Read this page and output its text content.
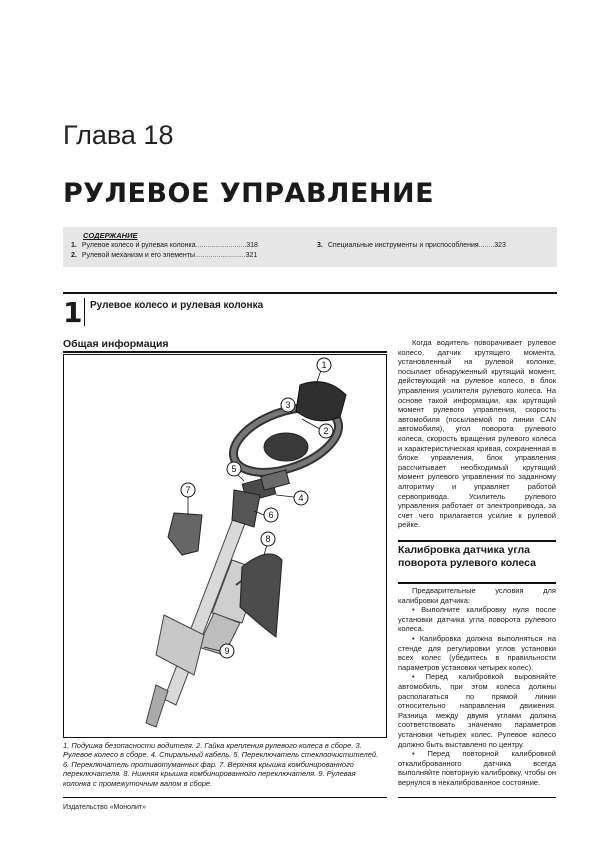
Глава 18
РУЛЕВОЕ УПРАВЛЕНИЕ
СОДЕРЖАНИЕ
1. Рулевое колесо и рулевая колонка..........................318
2. Рулевой механизм и его элементы..........................321
3. Специальные инструменты и приспособления........323
1 Рулевое колесо и рулевая колонка
Общая информация
1
2
3
4
5
6
7
8
9
1. Подушка безопасности водителя. 2. Гайка крепления рулевого колеса в сборе. 3. Рулевое колесо в сборе. 4. Спиральный кабель. 5. Переключатель стеклоочистителей. 6. Переключатель противотуманных фар. 7. Верхняя крышка комбинированного переключателя. 8. Нижняя крышка комбинированного переключателя. 9. Рулевая колонка с промежуточным валом в сборе.

Когда водитель поворачивает рулевое колесо, датчик крутящего момента, установленный на рулевой колонке, посылает обнаруженный крутящий момент, действующий на рулевое колесо, в блок управления усилителя рулевого колеса. На основе такой информации, как крутящий момент рулевого управления, скорость автомобиля (посылаемой по линии CAN автомобиля), угол поворота рулевого колеса, скорость вращения рулевого колеса и характеристическая кривая, сохраненная в блоке управления, блок управления рассчитывает необходимый крутящий момент рулевого управления по заданному алгоритму и управляет работой сервопривода. Усилитель рулевого управления работает от электропривода, за счет чего прилагается усилие к рулевой рейке.

Калибровка датчика угла поворота рулевого колеса

Предварительные условия для калибровки датчика:

• Выполните калибровку нуля после установки датчика угла поворота рулевого колеса.

• Калибровка должна выполняться на стенде для регулировки углов установки всех колес (убедитесь в правильности параметров установки четырех колес).

• Перед калибровкой выровняйте автомобиль, при этом колеса должны располагаться по прямой линии относительно направления движения. Разница между двумя углами должна соответствовать значению параметров установки четырех колес. Рулевое колесо должно быть выставлено по центру.

• Перед повторной калибровкой откалиброванного датчика всегда выполняйте повторную калибровку, чтобы он вернулся в некалиброванное состояние.

Издательство «Монолит»
